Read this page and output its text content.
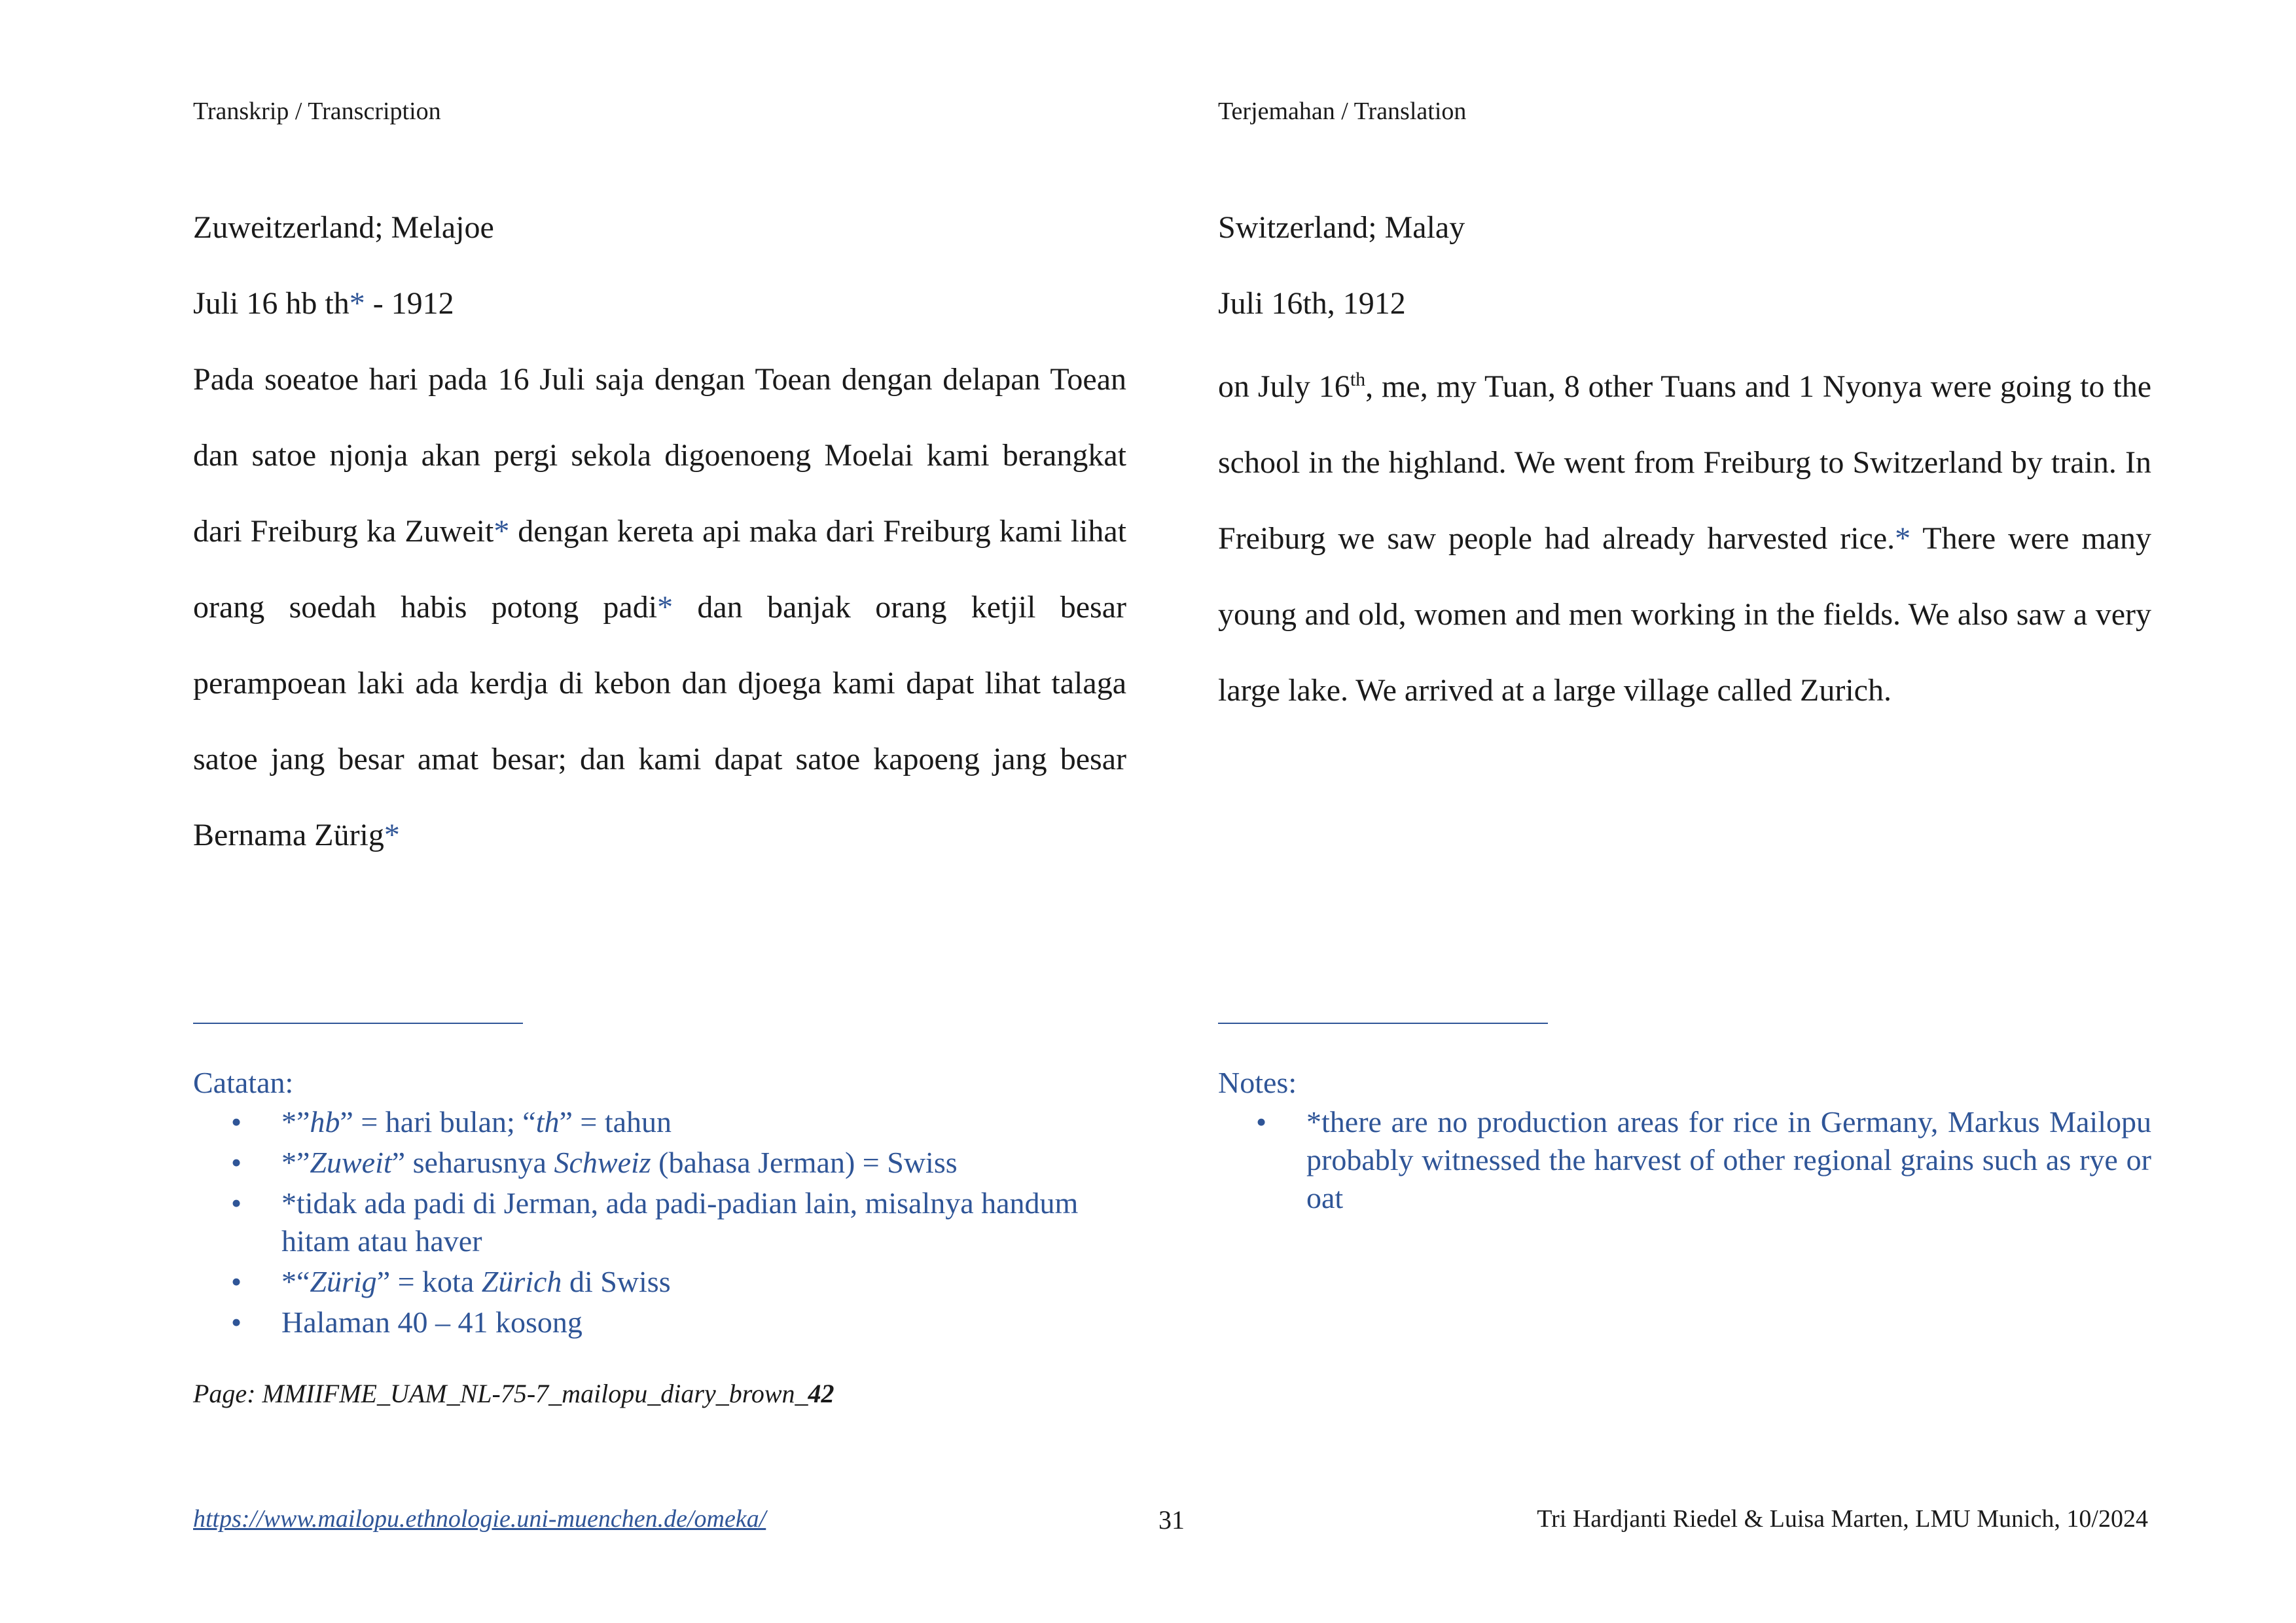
Transkrip / Transcription

Zuweitzerland; Melajoe

Juli 16 hb th* - 1912

Pada soeatoe hari pada 16 Juli saja dengan Toean dengan delapan Toean dan satoe njonja akan pergi sekola digoenoeng Moelai kami berangkat dari Freiburg ka Zuweit* dengan kereta api maka dari Freiburg kami lihat orang soedah habis potong padi* dan banjak orang ketjil besar perampoean laki ada kerdja di kebon dan djoega kami dapat lihat talaga satoe jang besar amat besar; dan kami dapat satoe kapoeng jang besar Bernama Zürig*

Catatan:

• *”hb” = hari bulan; “th” = tahun
• *”Zuweit” seharusnya Schweiz (bahasa Jerman) = Swiss
• *tidak ada padi di Jerman, ada padi-padian lain, misalnya handum hitam atau haver
• *“Zürig” = kota Zürich di Swiss
• Halaman 40 – 41 kosong
Terjemahan / Translation

Switzerland; Malay

Juli 16th, 1912

on July 16th, me, my Tuan, 8 other Tuans and 1 Nyonya were going to the school in the highland. We went from Freiburg to Switzerland by train. In Freiburg we saw people had already harvested rice.* There were many young and old, women and men working in the fields. We also saw a very large lake. We arrived at a large village called Zurich.

Notes:

• *there are no production areas for rice in Germany, Markus Mailopu probably witnessed the harvest of other regional grains such as rye or oat
Page: MMIIFME_UAM_NL-75-7_mailopu_diary_brown_42
https://www.mailopu.ethnologie.uni-muenchen.de/omeka/	31	Tri Hardjanti Riedel & Luisa Marten, LMU Munich, 10/2024
